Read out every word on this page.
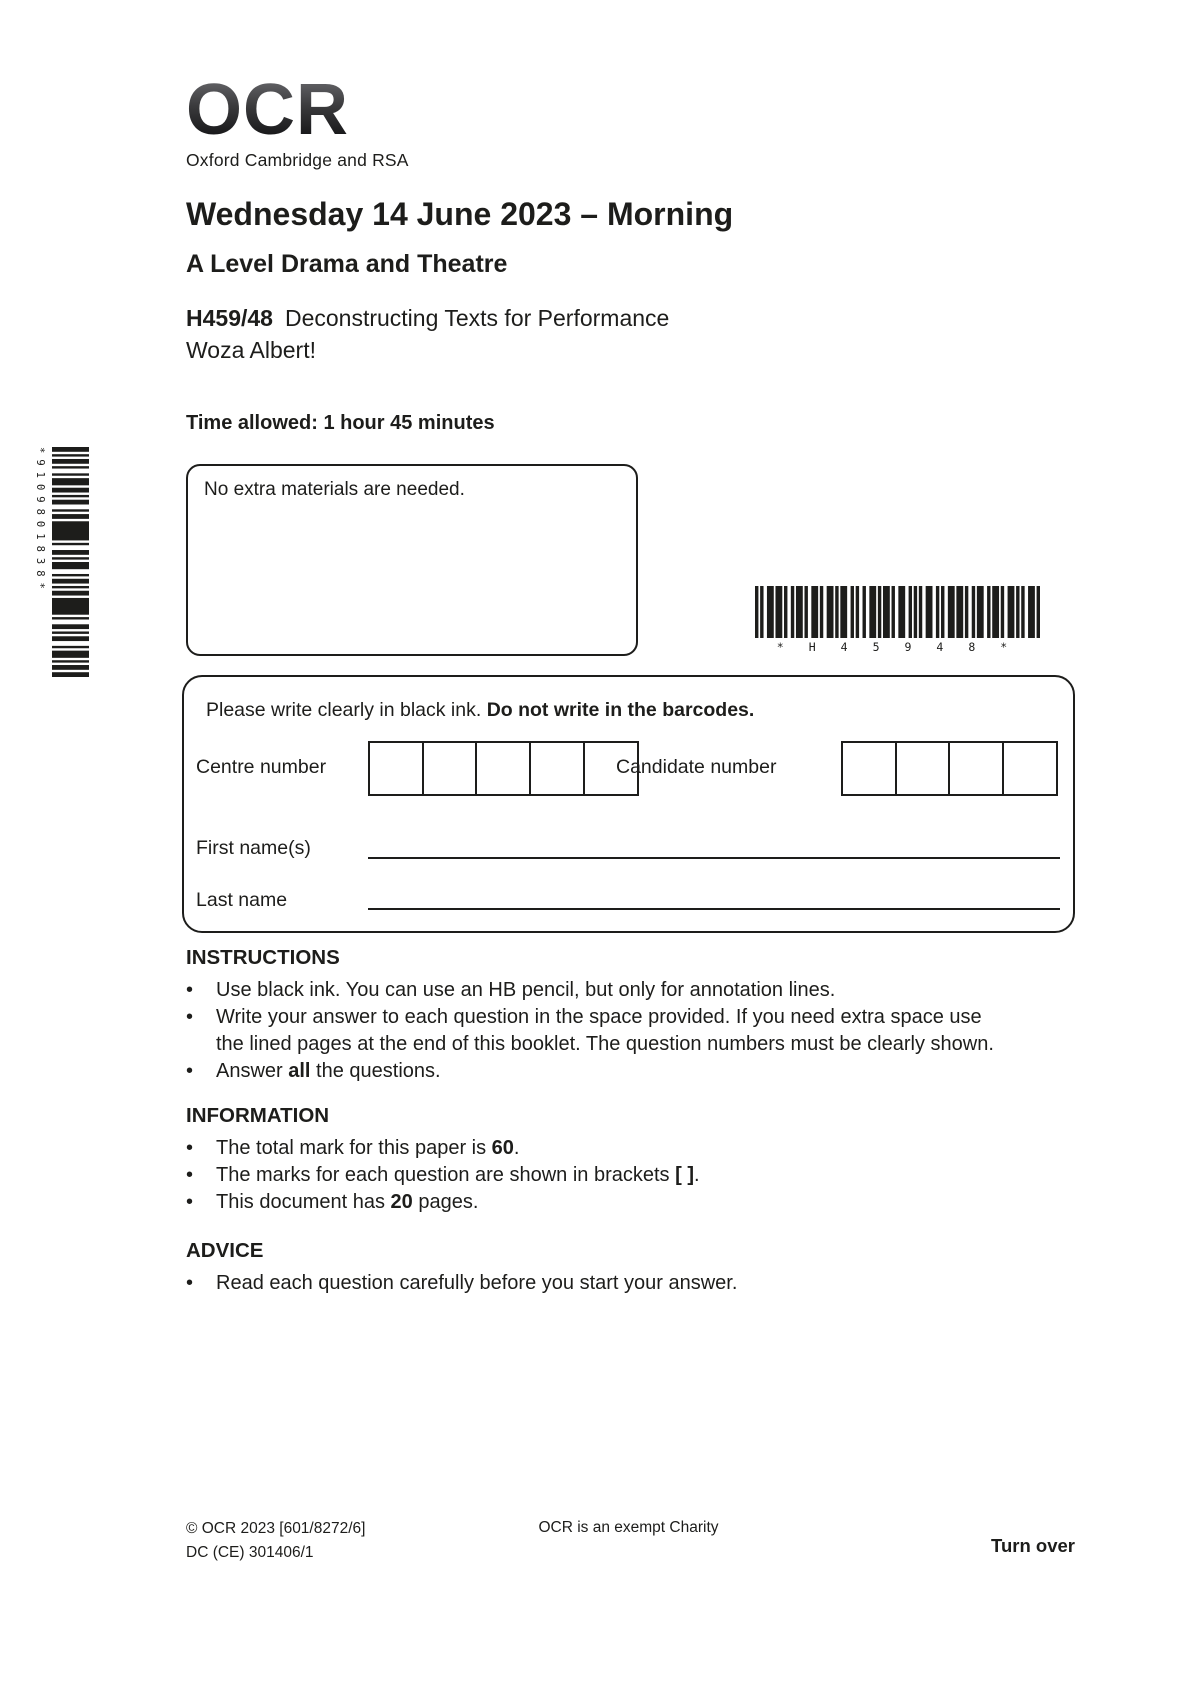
OCR
Oxford Cambridge and RSA
Wednesday 14 June 2023 – Morning
A Level Drama and Theatre
H459/48 Deconstructing Texts for Performance
Woza Albert!
Time allowed: 1 hour 45 minutes
*9109801838*	No extra materials are needed.
*H45948*
Please write clearly in black ink. Do not write in the barcodes.
Centre number	Candidate number
First name(s)
Last name
INSTRUCTIONS
•	Use black ink. You can use an HB pencil, but only for annotation lines.
•	Write your answer to each question in the space provided. If you need extra space use
the lined pages at the end of this booklet. The question numbers must be clearly shown.
•	Answer all the questions.
INFORMATION
•	The total mark for this paper is 60.
•	The marks for each question are shown in brackets [ ].
•	This document has 20 pages.
ADVICE
•	Read each question carefully before you start your answer.
© OCR 2023 [601/8272/6]
DC (CE) 301406/1
OCR is an exempt Charity
Turn over
